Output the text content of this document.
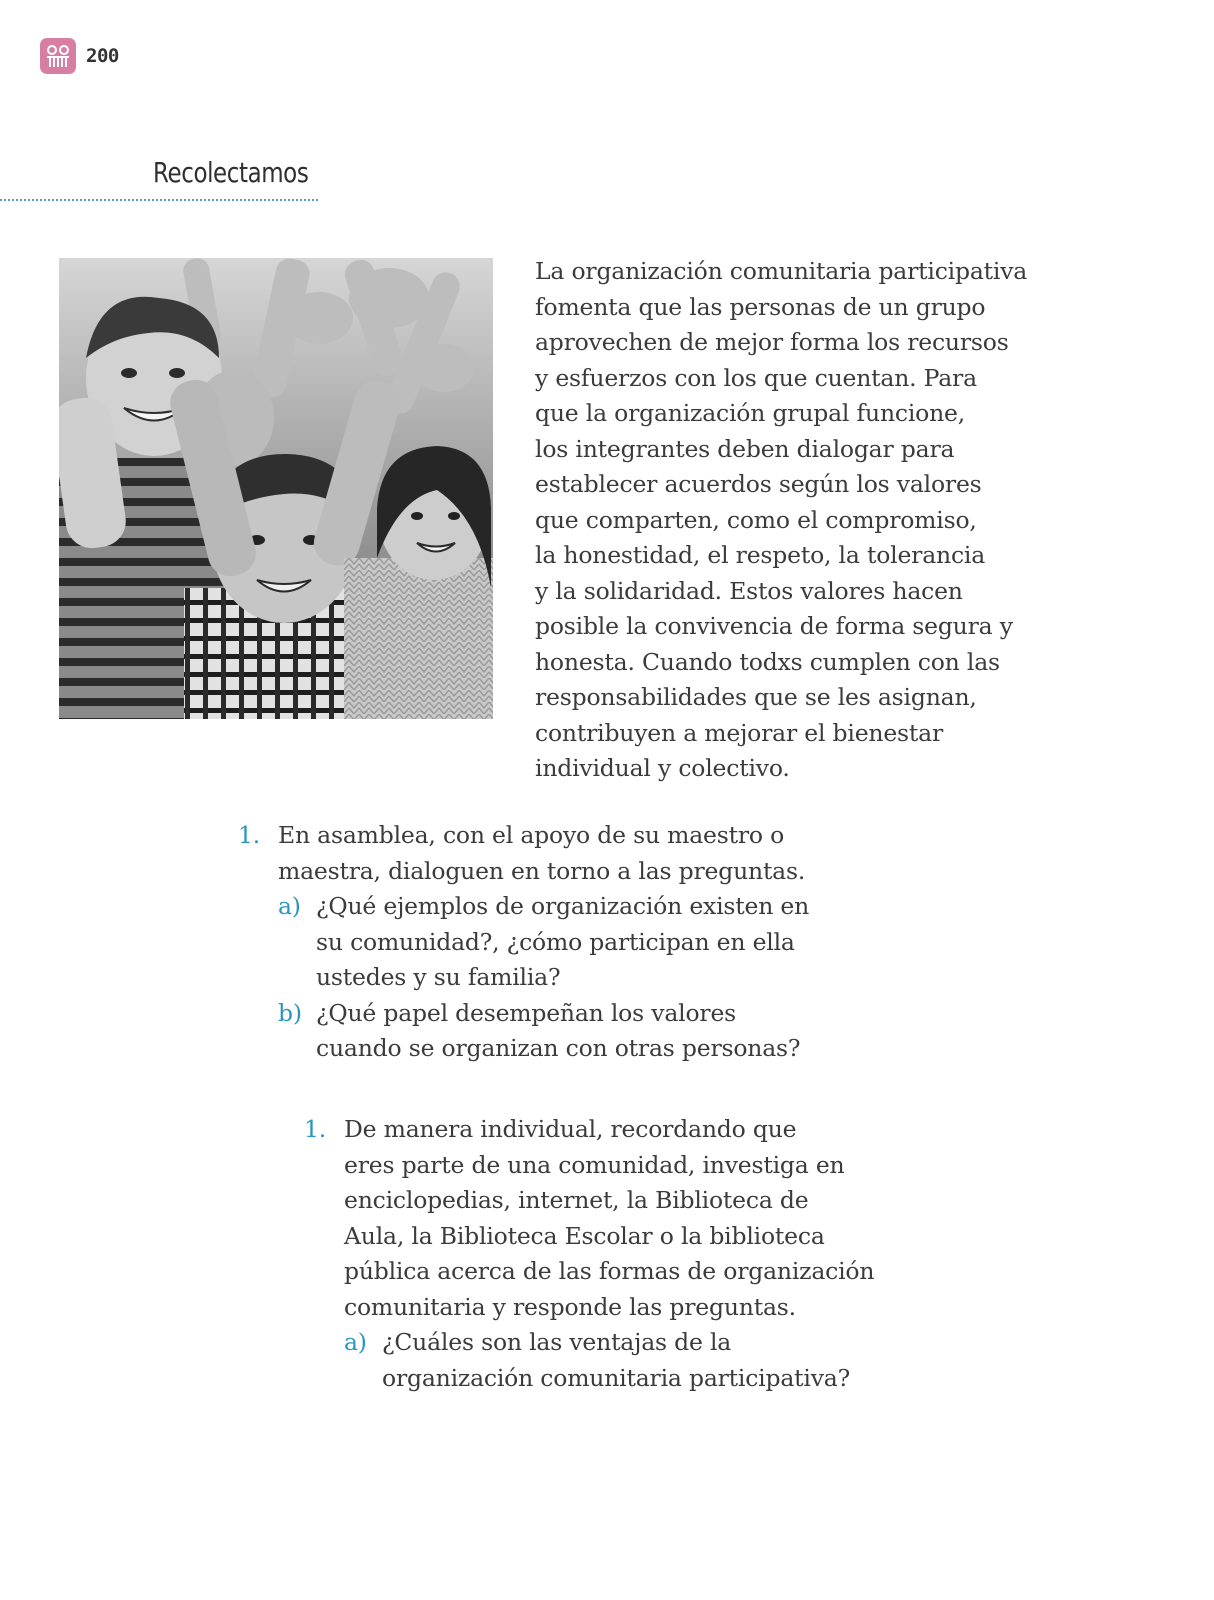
200
Recolectamos

La organización comunitaria participativa
fomenta que las personas de un grupo
aprovechen de mejor forma los recursos
y esfuerzos con los que cuentan. Para
que la organización grupal funcione,
los integrantes deben dialogar para
establecer acuerdos según los valores
que comparten, como el compromiso,
la honestidad, el respeto, la tolerancia
y la solidaridad. Estos valores hacen
posible la convivencia de forma segura y
honesta. Cuando todxs cumplen con las
responsabilidades que se les asignan,
contribuyen a mejorar el bienestar
individual y colectivo.

1. En asamblea, con el apoyo de su maestro o
maestra, dialoguen en torno a las preguntas.
a) ¿Qué ejemplos de organización existen en
su comunidad?, ¿cómo participan en ella
ustedes y su familia?
b) ¿Qué papel desempeñan los valores
cuando se organizan con otras personas?
1. De manera individual, recordando que
eres parte de una comunidad, investiga en
enciclopedias, internet, la Biblioteca de
Aula, la Biblioteca Escolar o la biblioteca
pública acerca de las formas de organización
comunitaria y responde las preguntas.
a) ¿Cuáles son las ventajas de la
organización comunitaria participativa?
